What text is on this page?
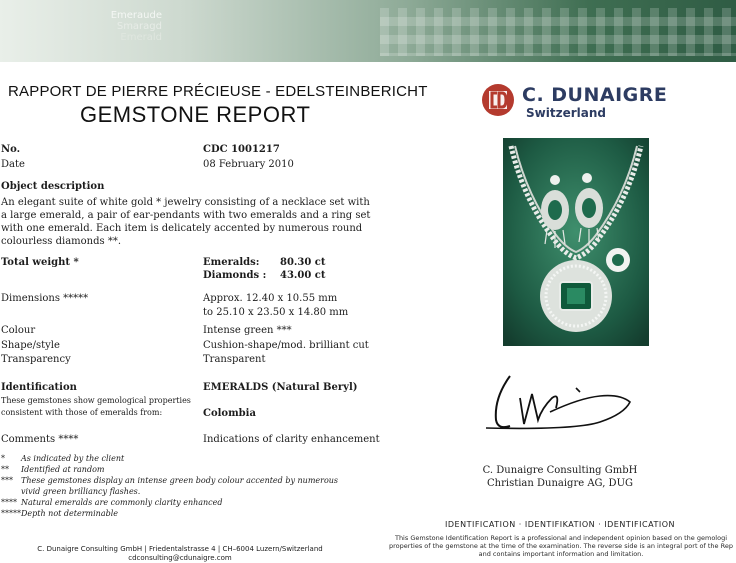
Emeraude
Smaragd
Emerald
RAPPORT DE PIERRE PRÉCIEUSE - EDELSTEINBERICHT
GEMSTONE REPORT
No.	CDC 1001217
Date	08 February 2010
Object description
An elegant suite of white gold * jewelry consisting of a necklace set with a large emerald, a pair of ear-pendants with two emeralds and a ring set with one emerald. Each item is delicately accented by numerous round colourless diamonds **.
Total weight *	Emeralds: 80.30 ct
Diamonds : 43.00 ct
Dimensions *****	Approx. 12.40 x 10.55 mm
to 25.10 x 23.50 x 14.80 mm
Colour	Intense green ***
Shape/style	Cushion-shape/mod. brilliant cut
Transparency	Transparent
Identification	EMERALDS (Natural Beryl)
These gemstones show gemological properties
consistent with those of emeralds from:	Colombia
Comments ****	Indications of clarity enhancement
*	As indicated by the client
**	Identified at random
***	These gemstones display an intense green body colour accented by numerous vivid green brilliancy flashes.
**** Natural emeralds are commonly clarity enhanced
***** Depth not determinable
C. Dunaigre Consulting GmbH | Friedentalstrasse 4 | CH–6004 Luzern/Switzerland
cdconsulting@cdunaigre.com
C. DUNAIGRE
Switzerland
C. Dunaigre Consulting GmbH
Christian Dunaigre AG, DUG
IDENTIFICATION · IDENTIFIKATION · IDENTIFICATION
This Gemstone Identification Report is a professional and independent opinion based on the gemologi
properties of the gemstone at the time of the examination. The reverse side is an integral port of the Rep
and contains important information and limitation.
